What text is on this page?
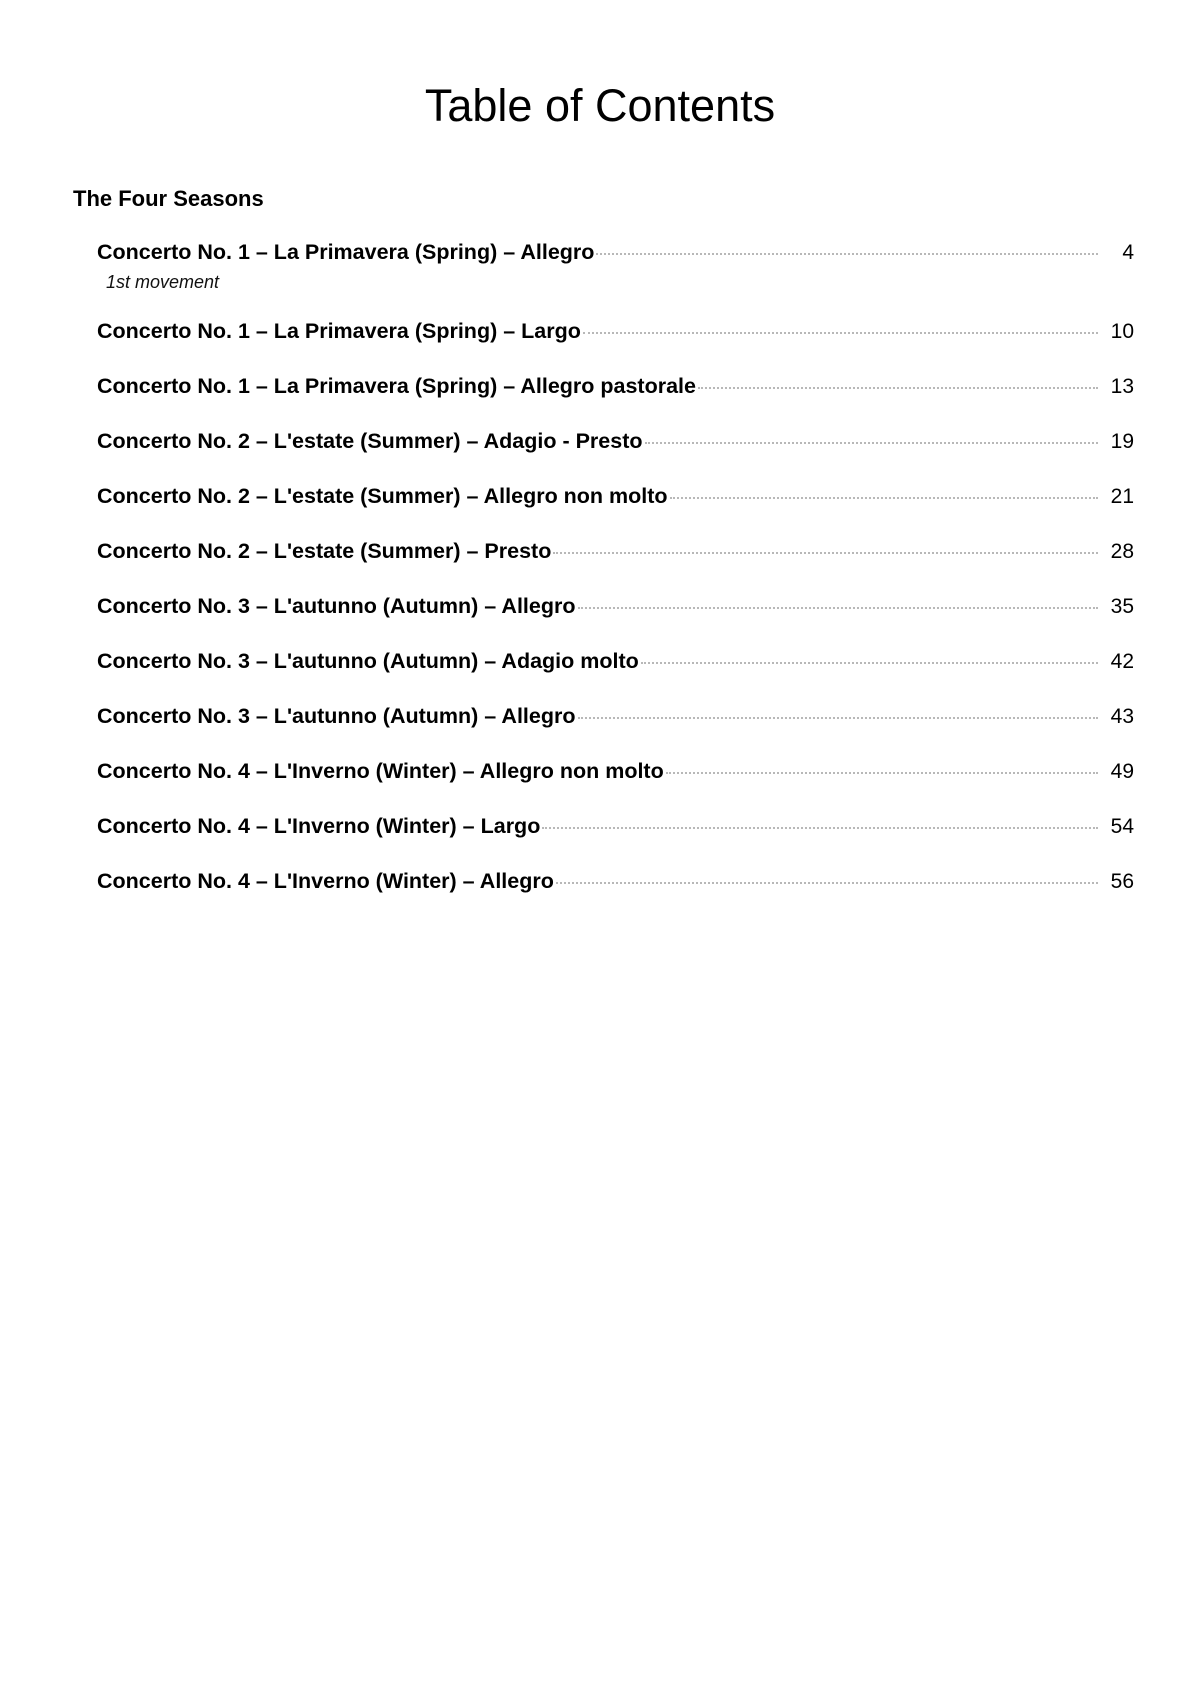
Table of Contents
The Four Seasons
Concerto No. 1 – La Primavera (Spring) – Allegro	4
1st movement
Concerto No. 1 – La Primavera (Spring) – Largo	10
Concerto No. 1 – La Primavera (Spring) – Allegro pastorale	13
Concerto No. 2 – L'estate (Summer) – Adagio - Presto	19
Concerto No. 2 – L'estate (Summer) – Allegro non molto	21
Concerto No. 2 – L'estate (Summer) – Presto	28
Concerto No. 3 – L'autunno (Autumn) – Allegro	35
Concerto No. 3 – L'autunno (Autumn) – Adagio molto	42
Concerto No. 3 – L'autunno (Autumn) – Allegro	43
Concerto No. 4 – L'Inverno (Winter) – Allegro non molto	49
Concerto No. 4 – L'Inverno (Winter) – Largo	54
Concerto No. 4 – L'Inverno (Winter) – Allegro	56
